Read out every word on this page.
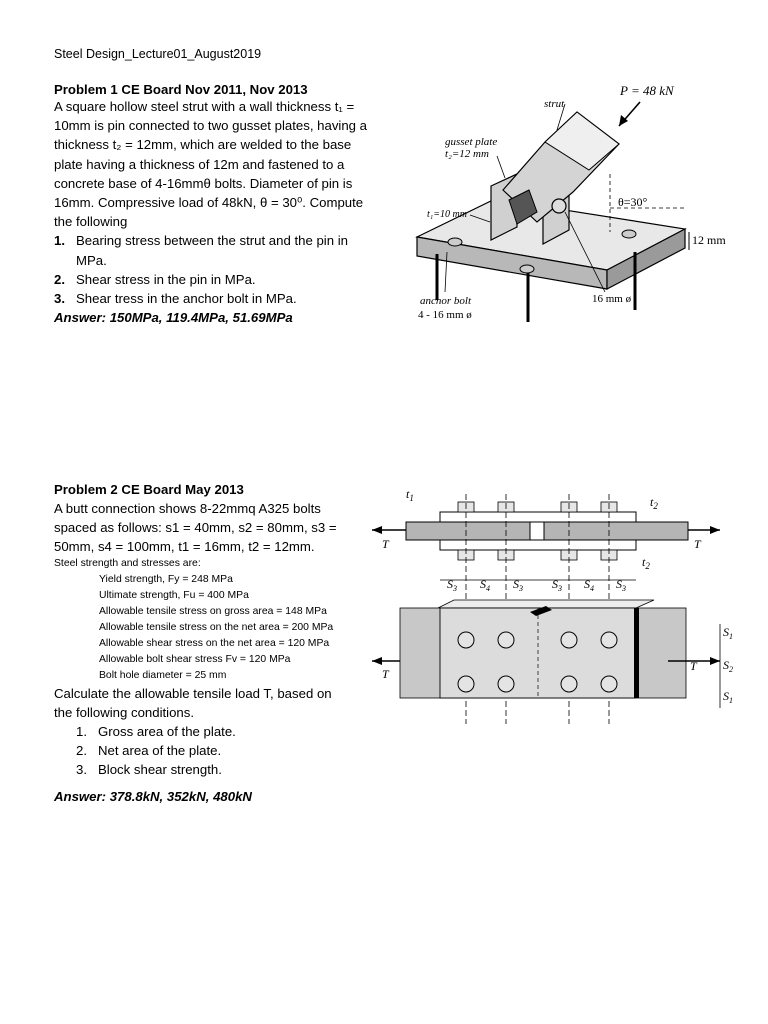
Steel Design_Lecture01_August2019
Problem 1 CE Board Nov 2011, Nov 2013
A square hollow steel strut with a wall thickness t₁ =
10mm is pin connected to two gusset plates, having a
thickness t₂ = 12mm, which are welded to the base
plate having a thickness of 12m and fastened to a
concrete base of 4-16mmθ bolts. Diameter of pin is
16mm. Compressive load of 48kN, θ = 30⁰. Compute
the following
1. Bearing stress between the strut and the pin in
MPa.
2. Shear stress in the pin in MPa.
3. Shear tress in the anchor bolt in MPa.
Answer: 150MPa, 119.4MPa, 51.69MPa
P = 48 kN
strut
gusset plate
t₂=12 mm
t₁=10 mm
θ=30°
12 mm
16 mm ø
anchor bolt
4 - 16 mm ø
Problem 2 CE Board May 2013
A butt connection shows 8-22mmq A325 bolts
spaced as follows: s1 = 40mm, s2 = 80mm, s3 =
50mm, s4 = 100mm, t1 = 16mm, t2 = 12mm.
Steel strength and stresses are:
Yield strength, Fy = 248 MPa
Ultimate strength, Fu = 400 MPa
Allowable tensile stress on gross area = 148 MPa
Allowable tensile stress on the net area = 200 MPa
Allowable shear stress on the net area = 120 MPa
Allowable bolt shear stress Fv = 120 MPa
Bolt hole diameter = 25 mm
Calculate the allowable tensile load T, based on
the following conditions.
1. Gross area of the plate.
2. Net area of the plate.
3. Block shear strength.
Answer: 378.8kN, 352kN, 480kN
T	T
$t_1$	$t_2$
$t_2$
$S_3$ $S_4$ $S_3$ $S_3$ $S_4$ $S_3$
T
T
$S_1$
$S_2$
$S_1$
